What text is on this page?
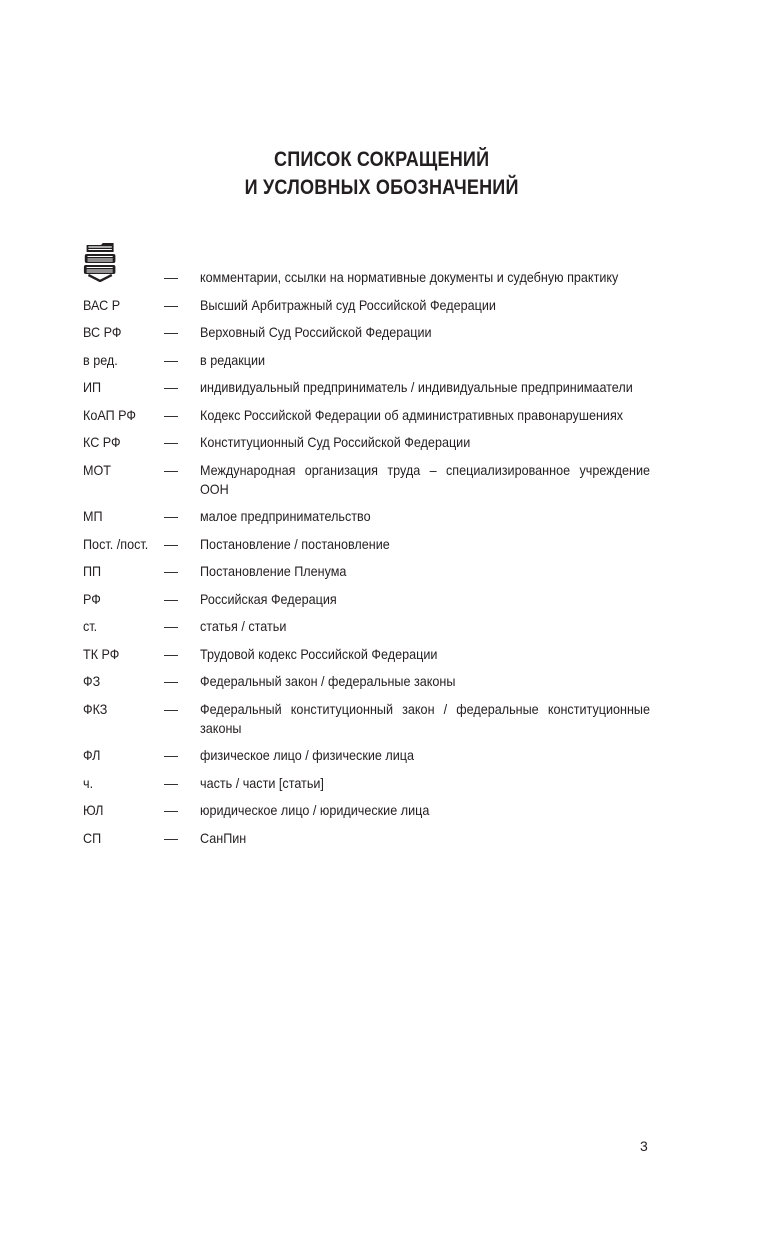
СПИСОК СОКРАЩЕНИЙ
И УСЛОВНЫХ ОБОЗНАЧЕНИЙ
— комментарии, ссылки на нормативные документы и судебную практику
ВАС Р	— Высший Арбитражный суд Российской Федерации
ВС РФ	— Верховный Суд Российской Федерации
в ред.	— в редакции
ИП	— индивидуальный предприниматель / индивидуальные предпринимаатели
КоАП РФ	— Кодекс Российской Федерации об административных правонарушениях
КС РФ	— Конституционный Суд Российской Федерации
МОТ	— Международная организация труда – специализированное учреждение ООН
МП	— малое предпринимательство
Пост. /пост.	— Постановление / постановление
ПП	— Постановление Пленума
РФ	— Российская Федерация
ст.	— статья / статьи
ТК РФ	— Трудовой кодекс Российской Федерации
ФЗ	— Федеральный закон / федеральные законы
ФКЗ	— Федеральный конституционный закон / федеральные конституционные законы
ФЛ	— физическое лицо / физические лица
ч.	— часть / части [статьи]
ЮЛ	— юридическое лицо / юридические лица
СП	— СанПин
3
